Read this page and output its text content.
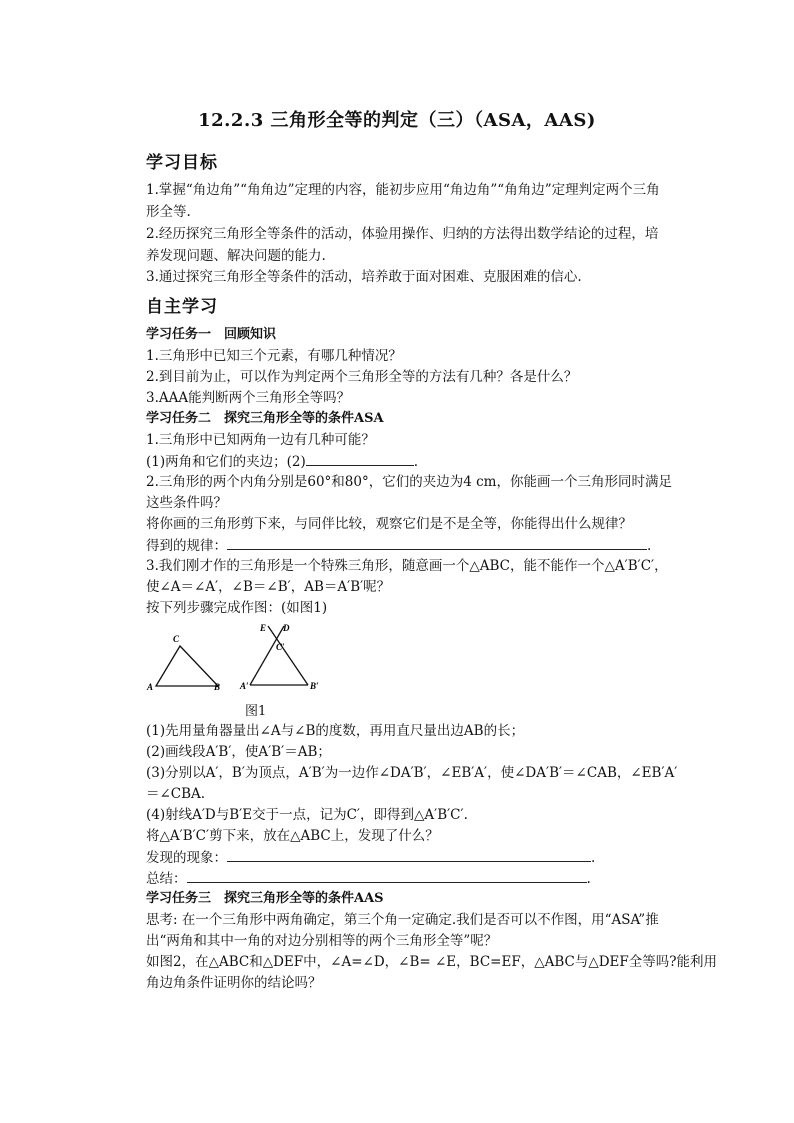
12.2.3 三角形全等的判定（三）（ASA，AAS)
学习目标
1.掌握“角边角”“角角边”定理的内容，能初步应用“角边角”“角角边”定理判定两个三角
形全等.
2.经历探究三角形全等条件的活动，体验用操作、归纳的方法得出数学结论的过程，培
养发现问题、解决问题的能力.
3.通过探究三角形全等条件的活动，培养敢于面对困难、克服困难的信心.
自主学习
学习任务一　回顾知识
1.三角形中已知三个元素，有哪几种情况？
2.到目前为止，可以作为判定两个三角形全等的方法有几种？各是什么？
3.AAA能判断两个三角形全等吗？
学习任务二　探究三角形全等的条件ASA
1.三角形中已知两角一边有几种可能？
(1)两角和它们的夹边；(2)	.
2.三角形的两个内角分别是60°和80°，它们的夹边为4 cm，你能画一个三角形同时满足
这些条件吗？
将你画的三角形剪下来，与同伴比较，观察它们是不是全等，你能得出什么规律？
得到的规律：	.
3.我们刚才作的三角形是一个特殊三角形，随意画一个△ABC，能不能作一个△A′B′C′，
使∠A＝∠A′，∠B＝∠B′，AB＝A′B′呢？
按下列步骤完成作图：(如图1)
A	B
C
A′	B′
C′
E D
图1
(1)先用量角器量出∠A与∠B的度数，再用直尺量出边AB的长；
(2)画线段A′B′，使A′B′＝AB；
(3)分别以A′，B′为顶点，A′B′为一边作∠DA′B′，∠EB′A′，使∠DA′B′＝∠CAB，∠EB′A′
＝∠CBA.
(4)射线A′D与B′E交于一点，记为C′，即得到△A′B′C′.
将△A′B′C′剪下来，放在△ABC上，发现了什么？
发现的现象：	.
总结：	.
学习任务三　探究三角形全等的条件AAS
思考: 在一个三角形中两角确定，第三个角一定确定.我们是否可以不作图，用“ASA”推
出“两角和其中一角的对边分别相等的两个三角形全等”呢？
如图2，在△ABC和△DEF中，∠A=∠D，∠B= ∠E，BC=EF，△ABC与△DEF全等吗?能利用
角边角条件证明你的结论吗？
